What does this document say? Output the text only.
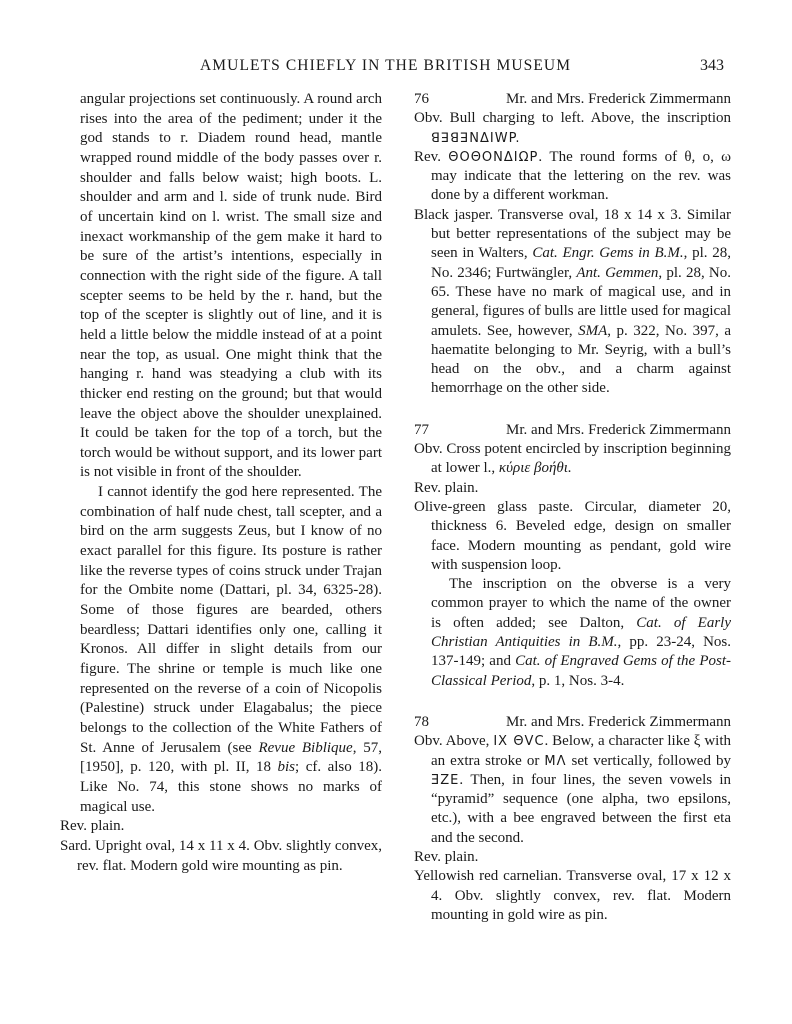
AMULETS CHIEFLY IN THE BRITISH MUSEUM	343

angular projections set continuously. A round arch rises into the area of the pediment; under it the god stands to r. Diadem round head, mantle wrapped round middle of the body passes over r. shoulder and falls below waist; high boots. L. shoulder and arm and l. side of trunk nude. Bird of uncertain kind on l. wrist. The small size and inexact workmanship of the gem make it hard to be sure of the artist’s intentions, especially in connection with the right side of the figure. A tall scepter seems to be held by the r. hand, but the top of the scepter is slightly out of line, and it is held a little below the middle instead of at a point near the top, as usual. One might think that the hanging r. hand was steadying a club with its thicker end resting on the ground; but that would leave the object above the shoulder unexplained. It could be taken for the top of a torch, but the torch would be without support, and its lower part is not visible in front of the shoulder.

I cannot identify the god here represented. The combination of half nude chest, tall scepter, and a bird on the arm suggests Zeus, but I know of no exact parallel for this figure. Its posture is rather like the reverse types of coins struck under Trajan for the Ombite nome (Dattari, pl. 34, 6325-28). Some of those figures are bearded, others beardless; Dattari identifies only one, calling it Kronos. All differ in slight details from our figure. The shrine or temple is much like one represented on the reverse of a coin of Nicopolis (Palestine) struck under Elagabalus; the piece belongs to the collection of the White Fathers of St. Anne of Jerusalem (see Revue Biblique, 57, [1950], p. 120, with pl. II, 18 bis; cf. also 18). Like No. 74, this stone shows no marks of magical use.

Rev. plain.

Sard. Upright oval, 14 x 11 x 4. Obv. slightly convex, rev. flat. Modern gold wire mounting as pin.

76	Mr. and Mrs. Frederick Zimmermann

Obv. Bull charging to left. Above, the inscription ꓭꓱꓭꓱNΔIWP.

Rev. ΘΟΘΟΝΔΙΩΡ. The round forms of θ, ο, ω may indicate that the lettering on the rev. was done by a different workman.

Black jasper. Transverse oval, 18 x 14 x 3. Similar but better representations of the subject may be seen in Walters, Cat. Engr. Gems in B.M., pl. 28, No. 2346; Furtwängler, Ant. Gemmen, pl. 28, No. 65. These have no mark of magical use, and in general, figures of bulls are little used for magical amulets. See, however, SMA, p. 322, No. 397, a haematite belonging to Mr. Seyrig, with a bull’s head on the obv., and a charm against hemorrhage on the other side.

77	Mr. and Mrs. Frederick Zimmermann

Obv. Cross potent encircled by inscription beginning at lower l., κύριε βοήθι.

Rev. plain.

Olive-green glass paste. Circular, diameter 20, thickness 6. Beveled edge, design on smaller face. Modern mounting as pendant, gold wire with suspension loop.

The inscription on the obverse is a very common prayer to which the name of the owner is often added; see Dalton, Cat. of Early Christian Antiquities in B.M., pp. 23-24, Nos. 137-149; and Cat. of Engraved Gems of the Post-Classical Period, p. 1, Nos. 3-4.

78	Mr. and Mrs. Frederick Zimmermann

Obv. Above, ΙΧ ΘVC. Below, a character like ξ with an extra stroke or ΜΛ set vertically, followed by ƎΖΕ. Then, in four lines, the seven vowels in “pyramid” sequence (one alpha, two epsilons, etc.), with a bee engraved between the first eta and the second.

Rev. plain.

Yellowish red carnelian. Transverse oval, 17 x 12 x 4. Obv. slightly convex, rev. flat. Modern mounting in gold wire as pin.
